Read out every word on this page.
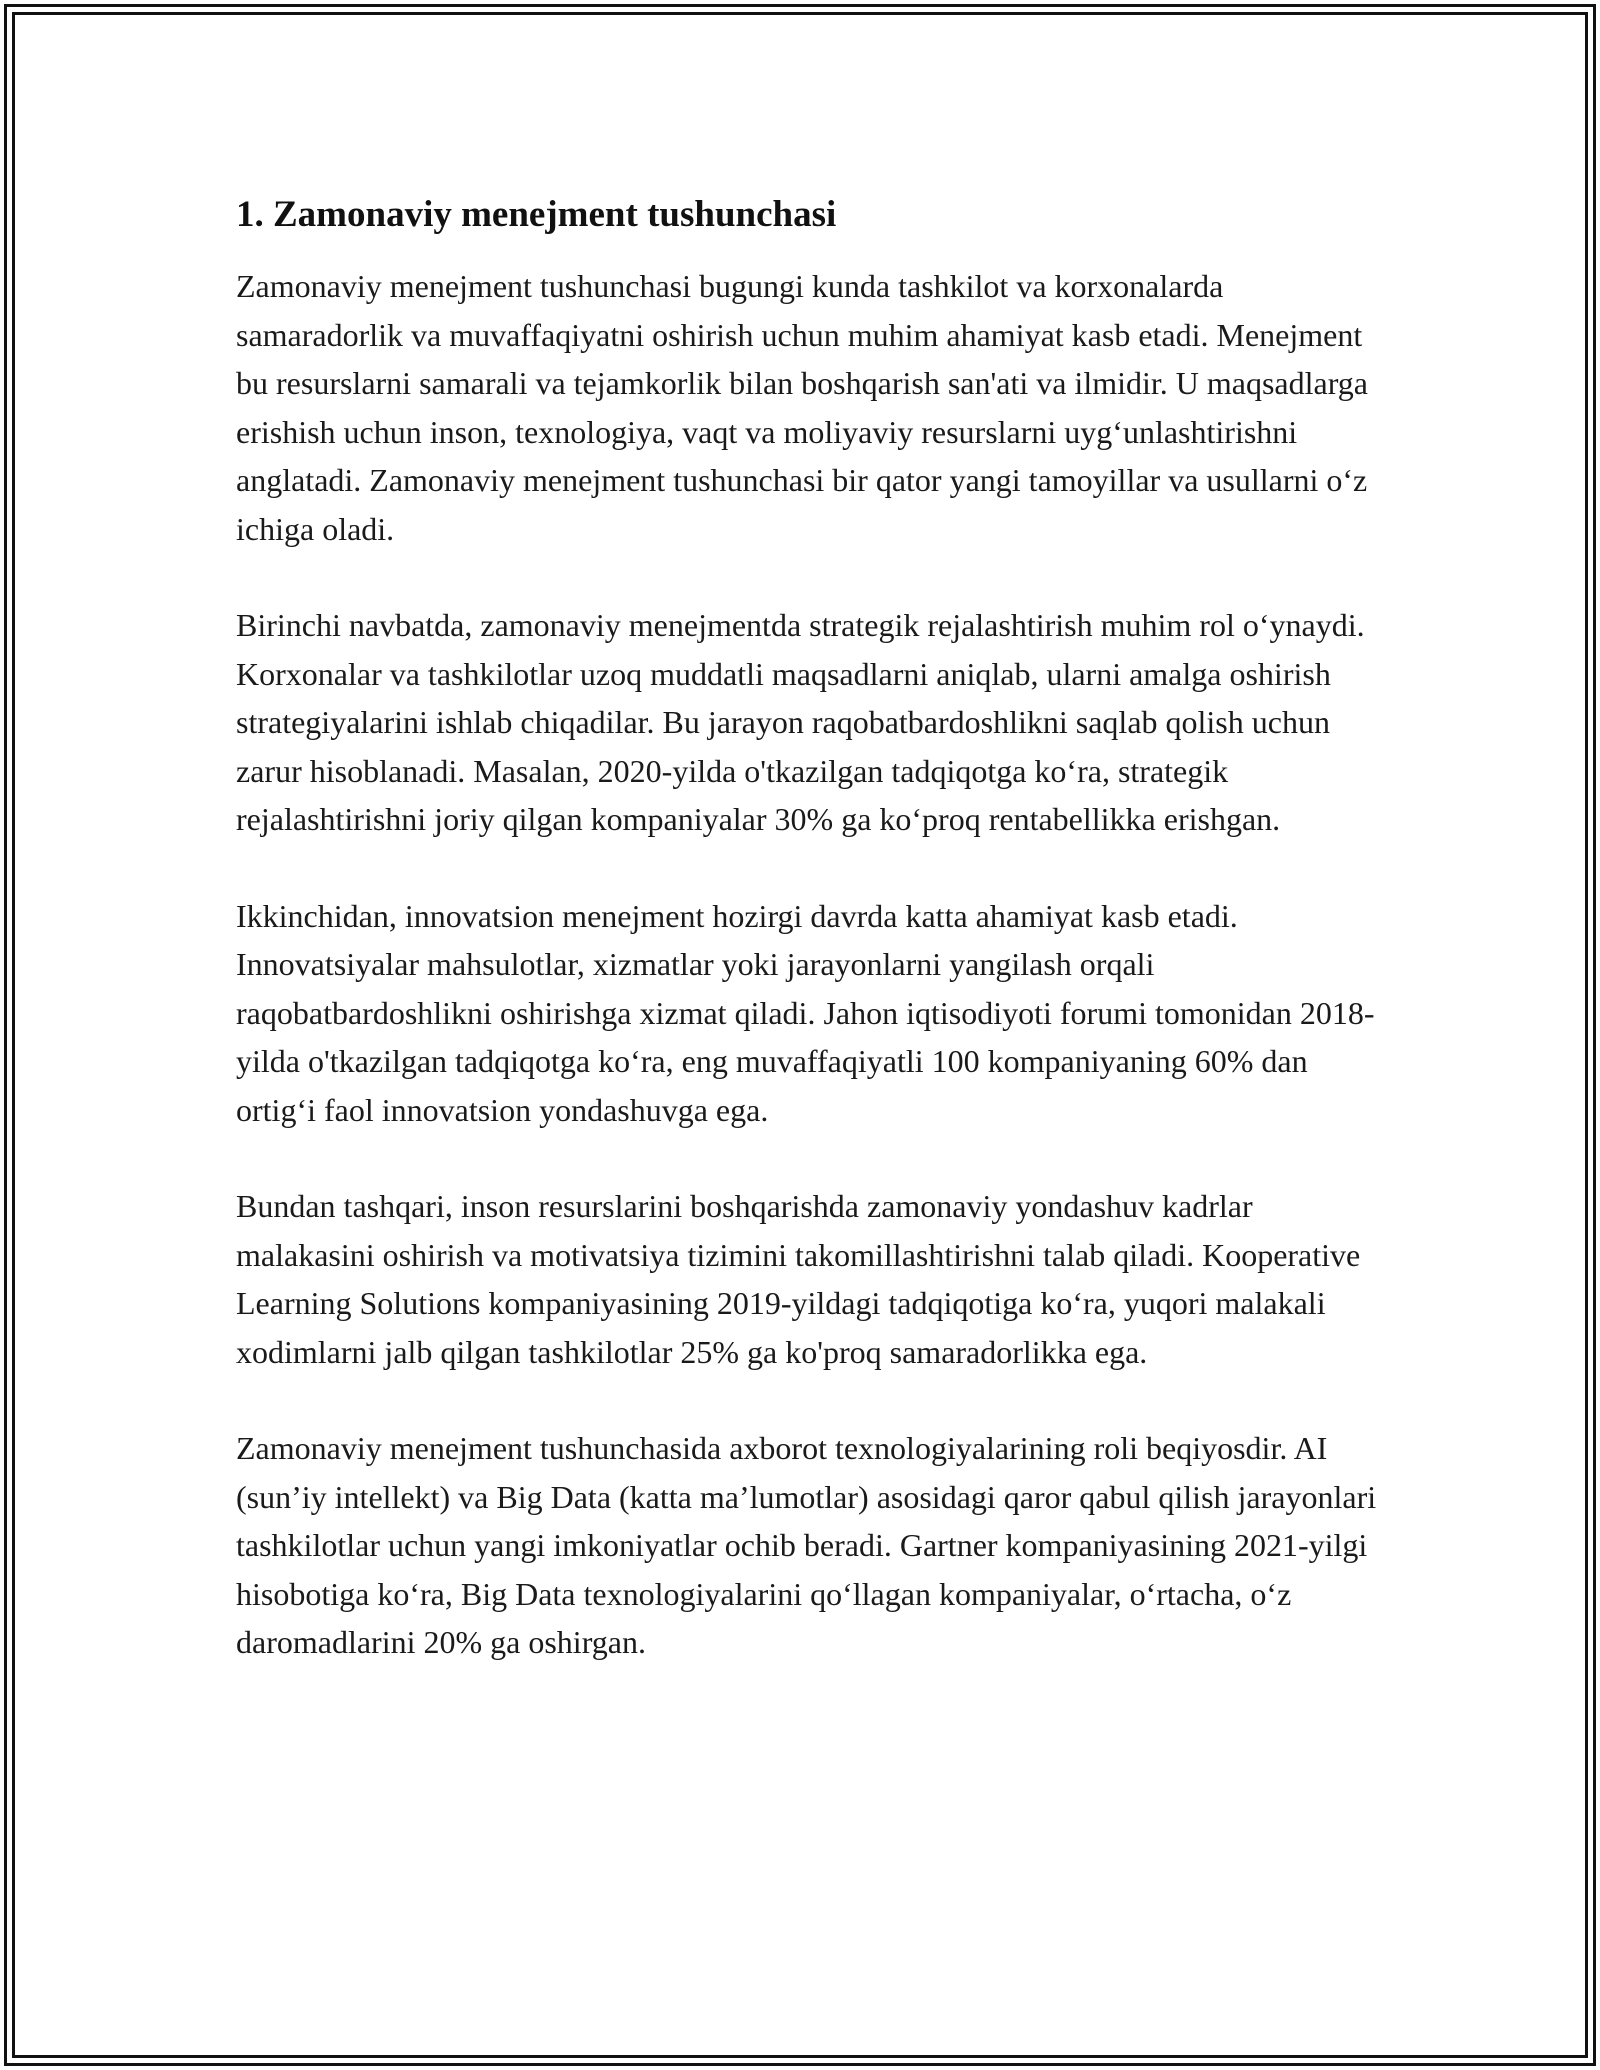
1. Zamonaviy menejment tushunchasi

Zamonaviy menejment tushunchasi bugungi kunda tashkilot va korxonalarda samaradorlik va muvaffaqiyatni oshirish uchun muhim ahamiyat kasb etadi. Menejment bu resurslarni samarali va tejamkorlik bilan boshqarish san'ati va ilmidir. U maqsadlarga erishish uchun inson, texnologiya, vaqt va moliyaviy resurslarni uyg‘unlashtirishni anglatadi. Zamonaviy menejment tushunchasi bir qator yangi tamoyillar va usullarni o‘z ichiga oladi.

Birinchi navbatda, zamonaviy menejmentda strategik rejalashtirish muhim rol o‘ynaydi. Korxonalar va tashkilotlar uzoq muddatli maqsadlarni aniqlab, ularni amalga oshirish strategiyalarini ishlab chiqadilar. Bu jarayon raqobatbardoshlikni saqlab qolish uchun zarur hisoblanadi. Masalan, 2020-yilda o'tkazilgan tadqiqotga ko‘ra, strategik rejalashtirishni joriy qilgan kompaniyalar 30% ga ko‘proq rentabellikka erishgan.

Ikkinchidan, innovatsion menejment hozirgi davrda katta ahamiyat kasb etadi. Innovatsiyalar mahsulotlar, xizmatlar yoki jarayonlarni yangilash orqali raqobatbardoshlikni oshirishga xizmat qiladi. Jahon iqtisodiyoti forumi tomonidan 2018-yilda o'tkazilgan tadqiqotga ko‘ra, eng muvaffaqiyatli 100 kompaniyaning 60% dan ortig‘i faol innovatsion yondashuvga ega.

Bundan tashqari, inson resurslarini boshqarishda zamonaviy yondashuv kadrlar malakasini oshirish va motivatsiya tizimini takomillashtirishni talab qiladi. Kooperative Learning Solutions kompaniyasining 2019-yildagi tadqiqotiga ko‘ra, yuqori malakali xodimlarni jalb qilgan tashkilotlar 25% ga ko'proq samaradorlikka ega.

Zamonaviy menejment tushunchasida axborot texnologiyalarining roli beqiyosdir. AI (sun’iy intellekt) va Big Data (katta ma’lumotlar) asosidagi qaror qabul qilish jarayonlari tashkilotlar uchun yangi imkoniyatlar ochib beradi. Gartner kompaniyasining 2021-yilgi hisobotiga ko‘ra, Big Data texnologiyalarini qo‘llagan kompaniyalar, o‘rtacha, o‘z daromadlarini 20% ga oshirgan.
